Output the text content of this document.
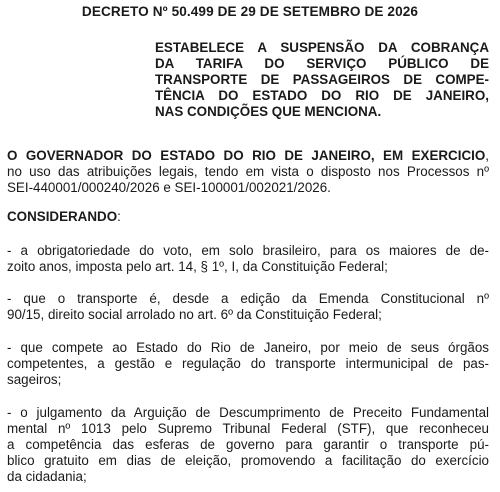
DECRETO Nº 50.499 DE 29 DE SETEMBRO DE 2026
ESTABELECE A SUSPENSÃO DA COBRANÇA
DA TARIFA DO SERVIÇO PÚBLICO DE
TRANSPORTE DE PASSAGEIROS DE COMPE-
TÊNCIA DO ESTADO DO RIO DE JANEIRO,
NAS CONDIÇÕES QUE MENCIONA.
O GOVERNADOR DO ESTADO DO RIO DE JANEIRO, EM EXERCICIO,
no uso das atribuições legais, tendo em vista o disposto nos Processos nº
SEI-440001/000240/2026 e SEI-100001/002021/2026.
CONSIDERANDO:
- a obrigatoriedade do voto, em solo brasileiro, para os maiores de de-
zoito anos, imposta pelo art. 14, § 1º, I, da Constituição Federal;
- que o transporte é, desde a edição da Emenda Constitucional nº
90/15, direito social arrolado no art. 6º da Constituição Federal;
- que compete ao Estado do Rio de Janeiro, por meio de seus órgãos
competentes, a gestão e regulação do transporte intermunicipal de pas-
sageiros;
- o julgamento da Arguição de Descumprimento de Preceito Fundamental
mental nº 1013 pelo Supremo Tribunal Federal (STF), que reconheceu
a competência das esferas de governo para garantir o transporte pú-
blico gratuito em dias de eleição, promovendo a facilitação do exercício
da cidadania;
